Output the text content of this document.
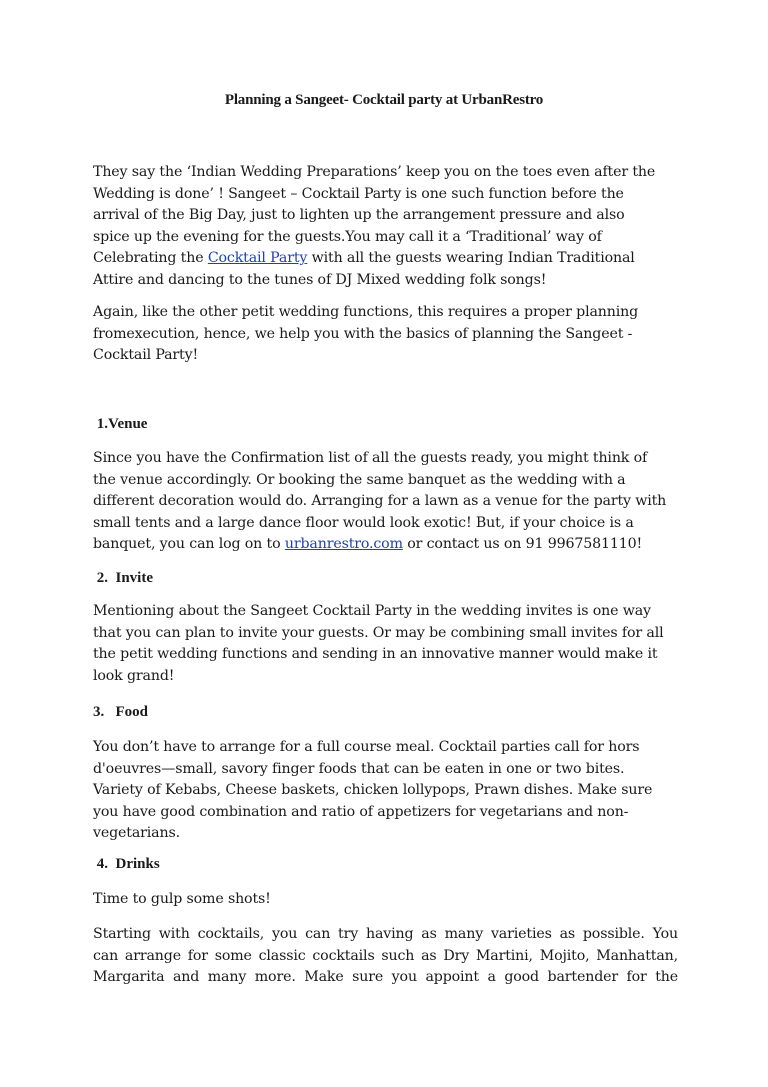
Planning a Sangeet- Cocktail party at UrbanRestro

They say the ‘Indian Wedding Preparations’ keep you on the toes even after the
Wedding is done’ ! Sangeet – Cocktail Party is one such function before the
arrival of the Big Day, just to lighten up the arrangement pressure and also
spice up the evening for the guests.You may call it a ‘Traditional’ way of
Celebrating the Cocktail Party with all the guests wearing Indian Traditional
Attire and dancing to the tunes of DJ Mixed wedding folk songs!

Again, like the other petit wedding functions, this requires a proper planning
fromexecution, hence, we help you with the basics of planning the Sangeet -
Cocktail Party!

1.Venue

Since you have the Confirmation list of all the guests ready, you might think of
the venue accordingly. Or booking the same banquet as the wedding with a
different decoration would do. Arranging for a lawn as a venue for the party with
small tents and a large dance floor would look exotic! But, if your choice is a
banquet, you can log on to urbanrestro.com or contact us on 91 9967581110!

2.  Invite

Mentioning about the Sangeet Cocktail Party in the wedding invites is one way
that you can plan to invite your guests. Or may be combining small invites for all
the petit wedding functions and sending in an innovative manner would make it
look grand!

3.   Food

You don’t have to arrange for a full course meal. Cocktail parties call for hors
d'oeuvres—small, savory finger foods that can be eaten in one or two bites.
Variety of Kebabs, Cheese baskets, chicken lollypops, Prawn dishes. Make sure
you have good combination and ratio of appetizers for vegetarians and non-
vegetarians.

4.  Drinks

Time to gulp some shots!

Starting with cocktails, you can try having as many varieties as possible. You
can arrange for some classic cocktails such as Dry Martini, Mojito, Manhattan,
Margarita and many more. Make sure you appoint a good bartender for the
